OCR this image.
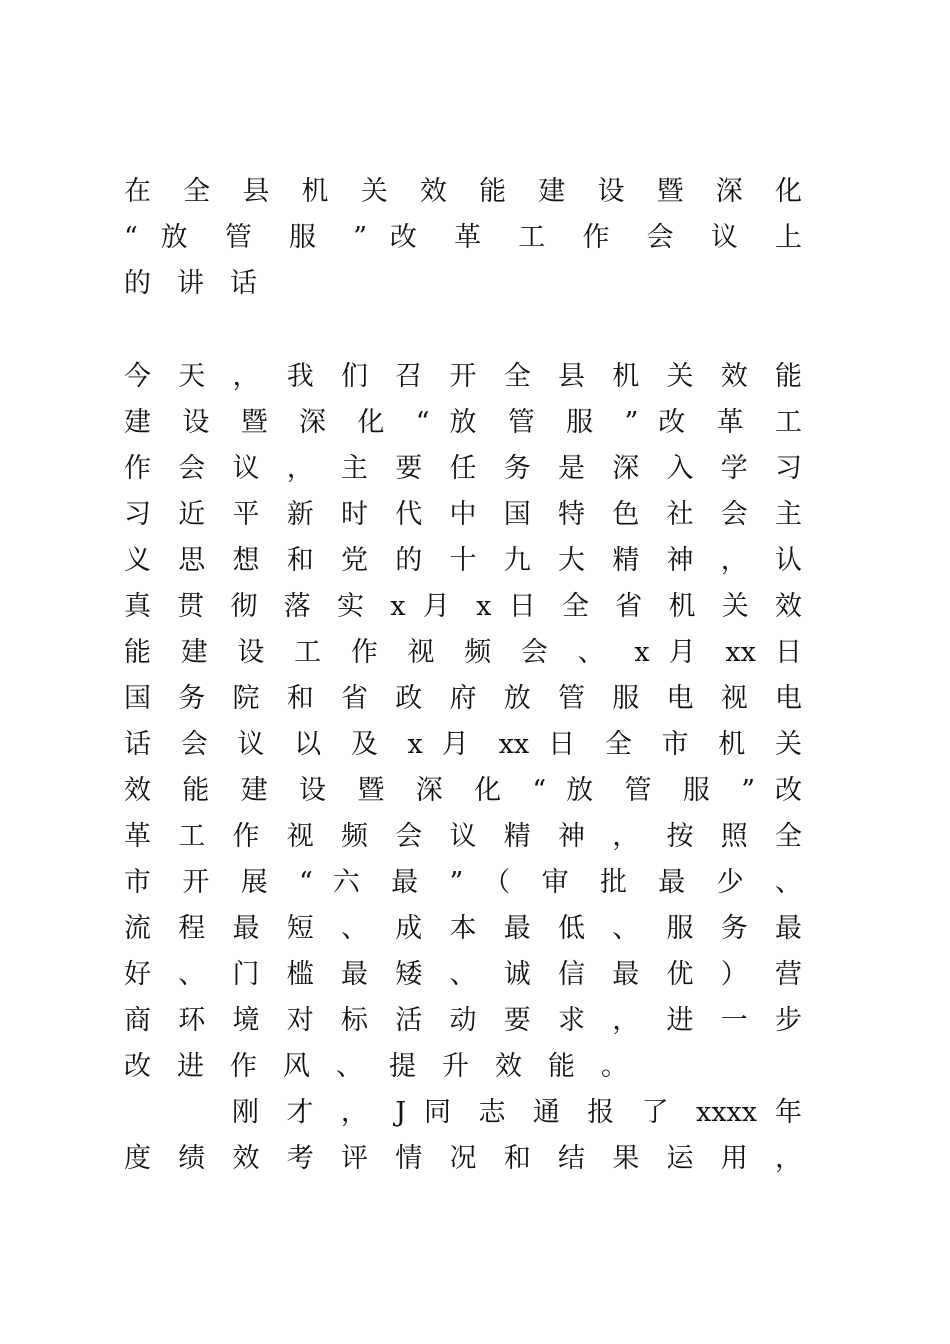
在 全 县 机 关 效 能 建 设 暨 深 化
“ 放 管 服 ” 改 革 工 作 会 议 上
的讲话
今 天 ， 我 们 召 开 全 县 机 关 效 能
建 设 暨 深 化 “ 放 管 服 ” 改 革 工
作 会 议 ， 主 要 任 务 是 深 入 学 习
习 近 平 新 时 代 中 国 特 色 社 会 主
义 思 想 和 党 的 十 九 大 精 神 ， 认
真 贯 彻 落 实 x 月 x 日 全 省 机 关 效
能 建 设 工 作 视 频 会 、 x 月 xx 日
国 务 院 和 省 政 府 放 管 服 电 视 电
话 会 议 以 及 x 月 xx 日 全 市 机 关
效 能 建 设 暨 深 化 “ 放 管 服 ” 改
革 工 作 视 频 会 议 精 神 ， 按 照 全
市 开 展 “ 六 最 ” （ 审 批 最 少 、
流 程 最 短 、 成 本 最 低 、 服 务 最
好 、 门 槛 最 矮 、 诚 信 最 优 ） 营
商 环 境 对 标 活 动 要 求 ， 进 一 步
改进作风、提升效能。
刚 才 ， J 同 志 通 报 了 xxxx 年
度 绩 效 考 评 情 况 和 结 果 运 用 ，
